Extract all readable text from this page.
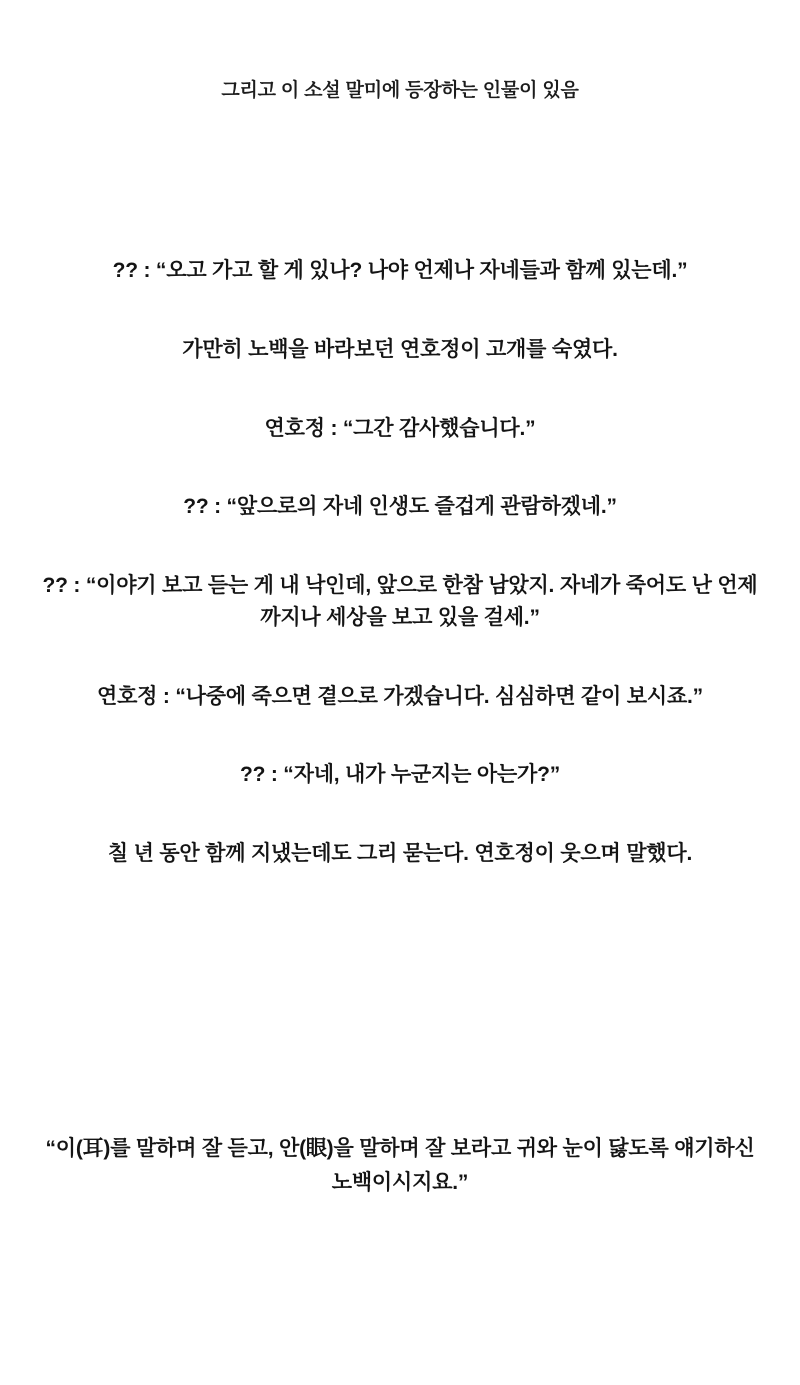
그리고 이 소설 말미에 등장하는 인물이 있음
?? : “오고 가고 할 게 있나? 나야 언제나 자네들과 함께 있는데.”
가만히 노백을 바라보던 연호정이 고개를 숙였다.
연호정 : “그간 감사했습니다.”
?? : “앞으로의 자네 인생도 즐겁게 관람하겠네.”
?? : “이야기 보고 듣는 게 내 낙인데, 앞으로 한참 남았지. 자네가 죽어도 난 언제까지나 세상을 보고 있을 걸세.”
연호정 : “나중에 죽으면 곁으로 가겠습니다. 심심하면 같이 보시죠.”
?? : “자네, 내가 누군지는 아는가?”
칠 년 동안 함께 지냈는데도 그리 묻는다. 연호정이 웃으며 말했다.
“이(耳)를 말하며 잘 듣고, 안(眼)을 말하며 잘 보라고 귀와 눈이 닳도록 얘기하신 노백이시지요.”
